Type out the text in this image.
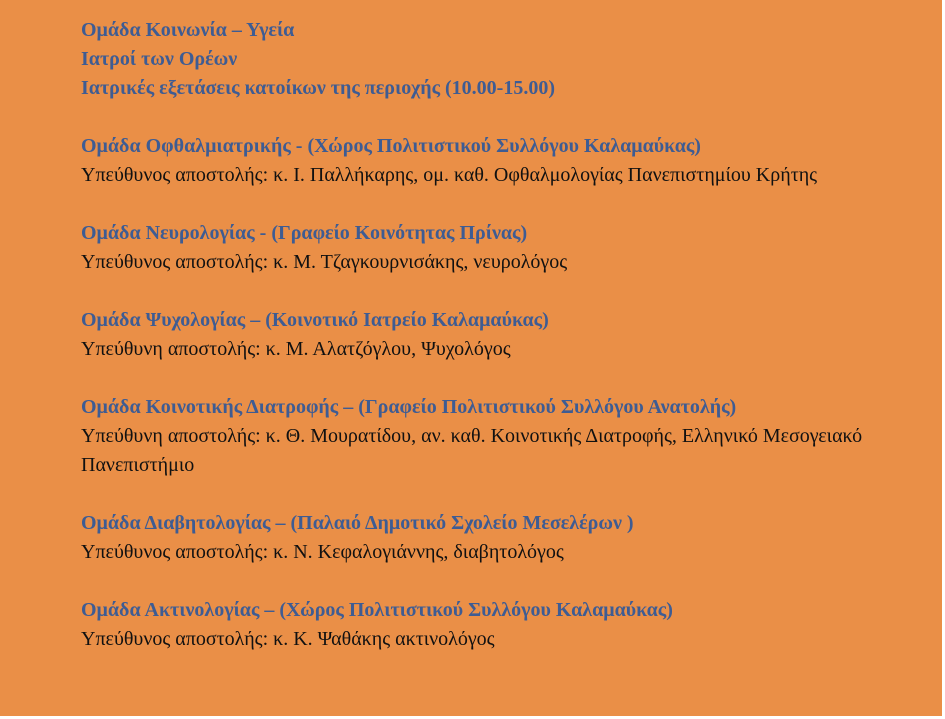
Ομάδα Κοινωνία – Υγεία
Ιατροί των Ορέων
Ιατρικές εξετάσεις κατοίκων της περιοχής (10.00-15.00)
Ομάδα Οφθαλμιατρικής - (Χώρος Πολιτιστικού Συλλόγου Καλαμαύκας)
Υπεύθυνος αποστολής: κ. Ι. Παλλήκαρης, ομ. καθ. Οφθαλμολογίας Πανεπιστημίου Κρήτης
Ομάδα Νευρολογίας - (Γραφείο Κοινότητας Πρίνας)
Υπεύθυνος αποστολής: κ. Μ. Τζαγκουρνισάκης, νευρολόγος
Ομάδα Ψυχολογίας – (Κοινοτικό Ιατρείο Καλαμαύκας)
Υπεύθυνη αποστολής: κ. Μ. Αλατζόγλου, Ψυχολόγος
Ομάδα Κοινοτικής Διατροφής – (Γραφείο Πολιτιστικού Συλλόγου Ανατολής)
Υπεύθυνη αποστολής: κ. Θ. Μουρατίδου, αν. καθ. Κοινοτικής Διατροφής, Ελληνικό Μεσογειακό Πανεπιστήμιο
Ομάδα Διαβητολογίας – (Παλαιό Δημοτικό Σχολείο Μεσελέρων )
Υπεύθυνος αποστολής: κ. Ν. Κεφαλογιάννης, διαβητολόγος
Ομάδα Ακτινολογίας – (Χώρος Πολιτιστικού Συλλόγου Καλαμαύκας)
Υπεύθυνος αποστολής: κ. Κ. Ψαθάκης ακτινολόγος
